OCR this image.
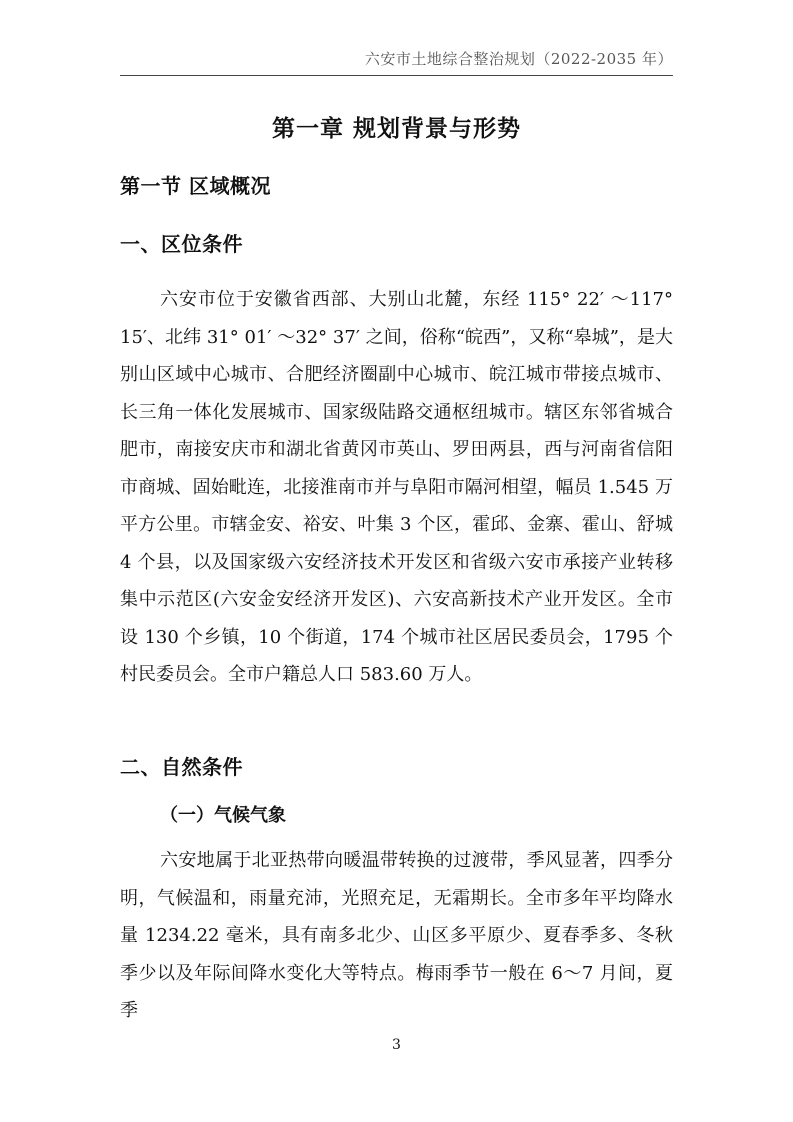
六安市土地综合整治规划（2022-2035 年）
第一章 规划背景与形势
第一节 区域概况
一、区位条件

六安市位于安徽省西部、大别山北麓，东经 115° 22′ ～117° 15′、北纬 31° 01′ ～32° 37′ 之间，俗称“皖西”，又称“皋城”，是大别山区域中心城市、合肥经济圈副中心城市、皖江城市带接点城市、长三角一体化发展城市、国家级陆路交通枢纽城市。辖区东邻省城合肥市，南接安庆市和湖北省黄冈市英山、罗田两县，西与河南省信阳市商城、固始毗连，北接淮南市并与阜阳市隔河相望，幅员 1.545 万平方公里。市辖金安、裕安、叶集 3 个区，霍邱、金寨、霍山、舒城 4 个县，以及国家级六安经济技术开发区和省级六安市承接产业转移集中示范区(六安金安经济开发区)、六安高新技术产业开发区。全市设 130 个乡镇，10 个街道，174 个城市社区居民委员会，1795 个村民委员会。全市户籍总人口 583.60 万人。

二、自然条件
（一）气候气象

六安地属于北亚热带向暖温带转换的过渡带，季风显著，四季分明，气候温和，雨量充沛，光照充足，无霜期长。全市多年平均降水量 1234.22 毫米，具有南多北少、山区多平原少、夏春季多、冬秋季少以及年际间降水变化大等特点。梅雨季节一般在 6～7 月间，夏季

3
